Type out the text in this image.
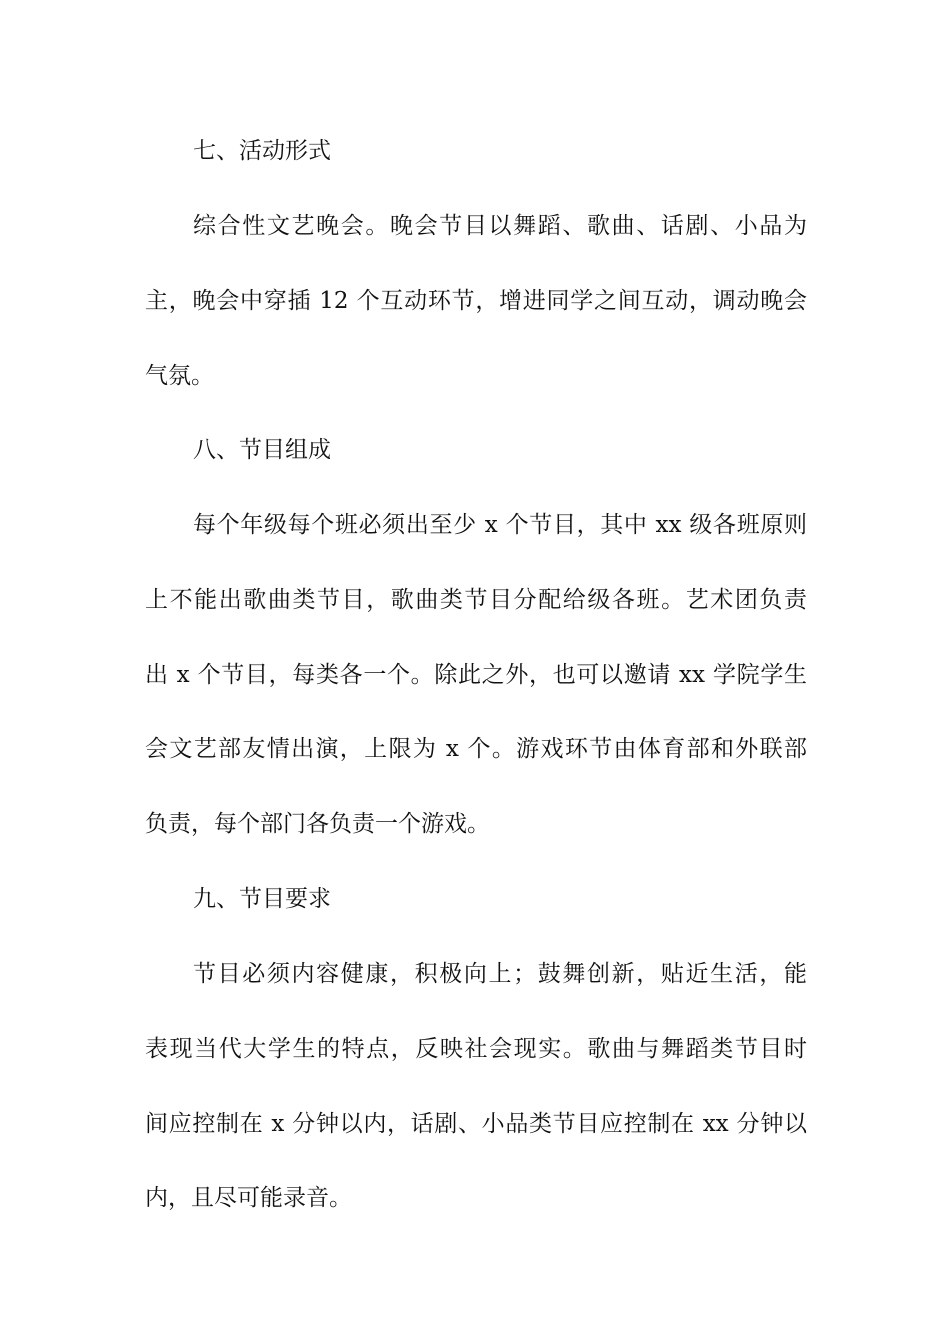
七、活动形式
综合性文艺晚会。晚会节目以舞蹈、歌曲、话剧、小品为
主，晚会中穿插 12 个互动环节，增进同学之间互动，调动晚会
气氛。
八、节目组成
每个年级每个班必须出至少 x 个节目，其中 xx 级各班原则
上不能出歌曲类节目，歌曲类节目分配给级各班。艺术团负责
出 x 个节目，每类各一个。除此之外，也可以邀请 xx 学院学生
会文艺部友情出演，上限为 x 个。游戏环节由体育部和外联部
负责，每个部门各负责一个游戏。
九、节目要求
节目必须内容健康，积极向上；鼓舞创新，贴近生活，能
表现当代大学生的特点，反映社会现实。歌曲与舞蹈类节目时
间应控制在 x 分钟以内，话剧、小品类节目应控制在 xx 分钟以
内，且尽可能录音。
